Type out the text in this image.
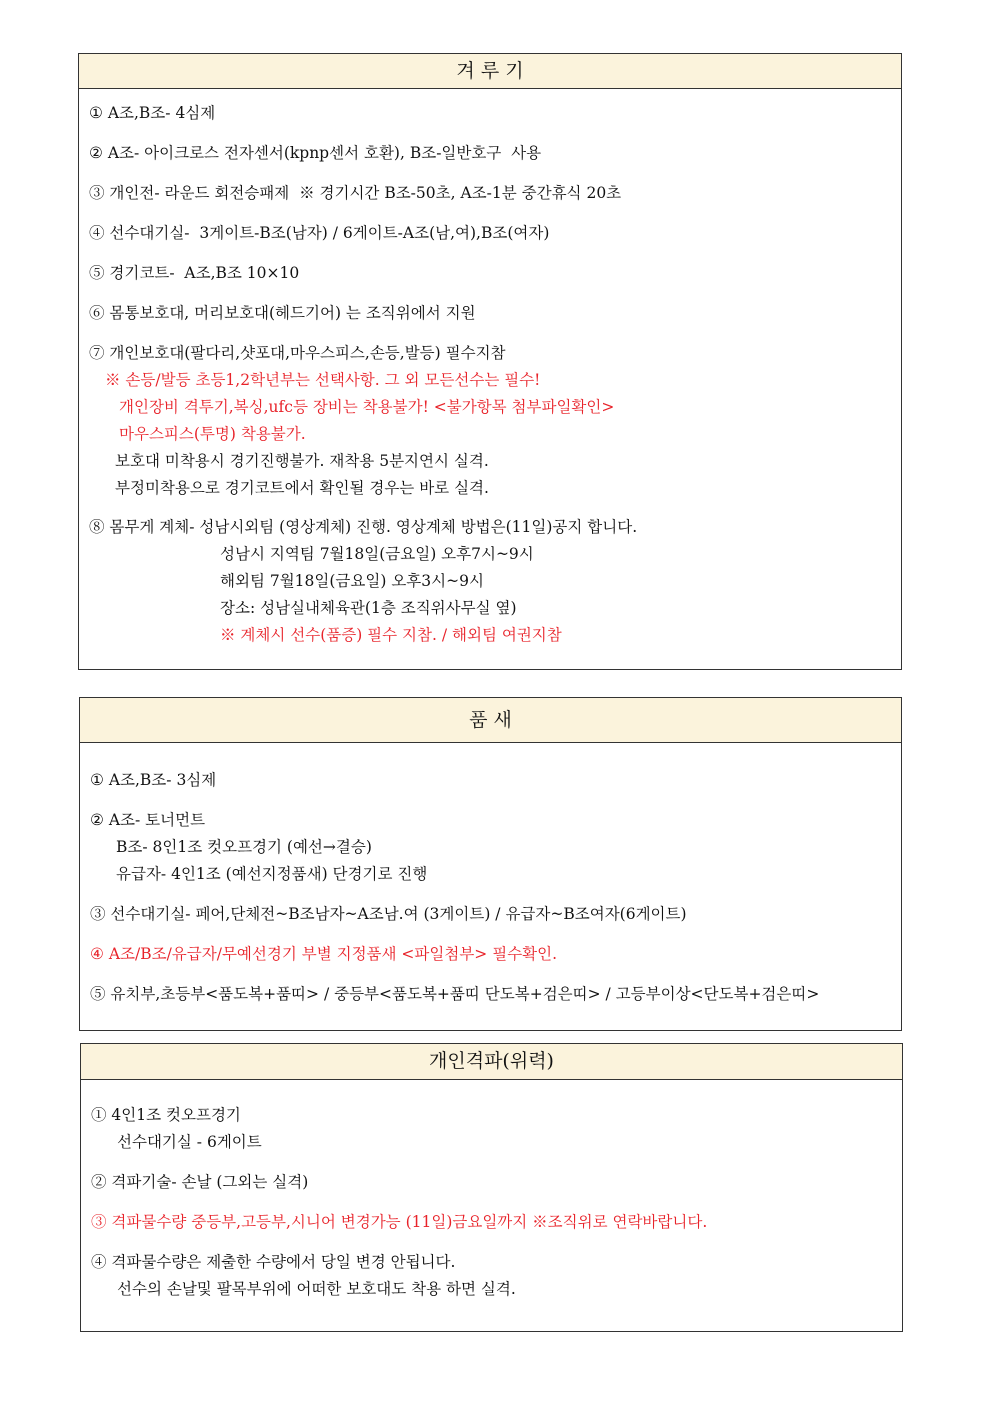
겨 루 기
① A조,B조- 4심제
② A조- 아이크로스 전자센서(kpnp센서 호환), B조-일반호구  사용
③ 개인전- 라운드 회전승패제  ※ 경기시간 B조-50초, A조-1분 중간휴식 20초
④ 선수대기실-  3게이트-B조(남자) / 6게이트-A조(남,여),B조(여자)
⑤ 경기코트-  A조,B조 10×10
⑥ 몸통보호대, 머리보호대(헤드기어) 는 조직위에서 지원
⑦ 개인보호대(팔다리,샷포대,마우스피스,손등,발등) 필수지참
※ 손등/발등 초등1,2학년부는 선택사항. 그 외 모든선수는 필수!
개인장비 격투기,복싱,ufc등 장비는 착용불가! <불가항목 첨부파일확인>
마우스피스(투명) 착용불가.
보호대 미착용시 경기진행불가. 재착용 5분지연시 실격.
부정미착용으로 경기코트에서 확인될 경우는 바로 실격.
⑧ 몸무게 계체- 성남시외팀 (영상계체) 진행. 영상계체 방법은(11일)공지 합니다.
성남시 지역팀 7월18일(금요일) 오후7시~9시
해외팀 7월18일(금요일) 오후3시~9시
장소: 성남실내체육관(1층 조직위사무실 옆)
※ 계체시 선수(품증) 필수 지참. / 해외팀 여권지참
품 새
① A조,B조- 3심제
② A조- 토너먼트
B조- 8인1조 컷오프경기 (예선→결승)
유급자- 4인1조 (예선지정품새) 단경기로 진행
③ 선수대기실- 페어,단체전~B조남자~A조남.여 (3게이트) / 유급자~B조여자(6게이트)
④ A조/B조/유급자/무예선경기 부별 지정품새 <파일첨부> 필수확인.
⑤ 유치부,초등부<품도복+품띠> / 중등부<품도복+품띠 단도복+검은띠> / 고등부이상<단도복+검은띠>
개인격파(위력)
① 4인1조 컷오프경기
선수대기실 - 6게이트
② 격파기술- 손날 (그외는 실격)
③ 격파물수량 중등부,고등부,시니어 변경가능 (11일)금요일까지 ※조직위로 연락바랍니다.
④ 격파물수량은 제출한 수량에서 당일 변경 안됩니다.
선수의 손날및 팔목부위에 어떠한 보호대도 착용 하면 실격.
